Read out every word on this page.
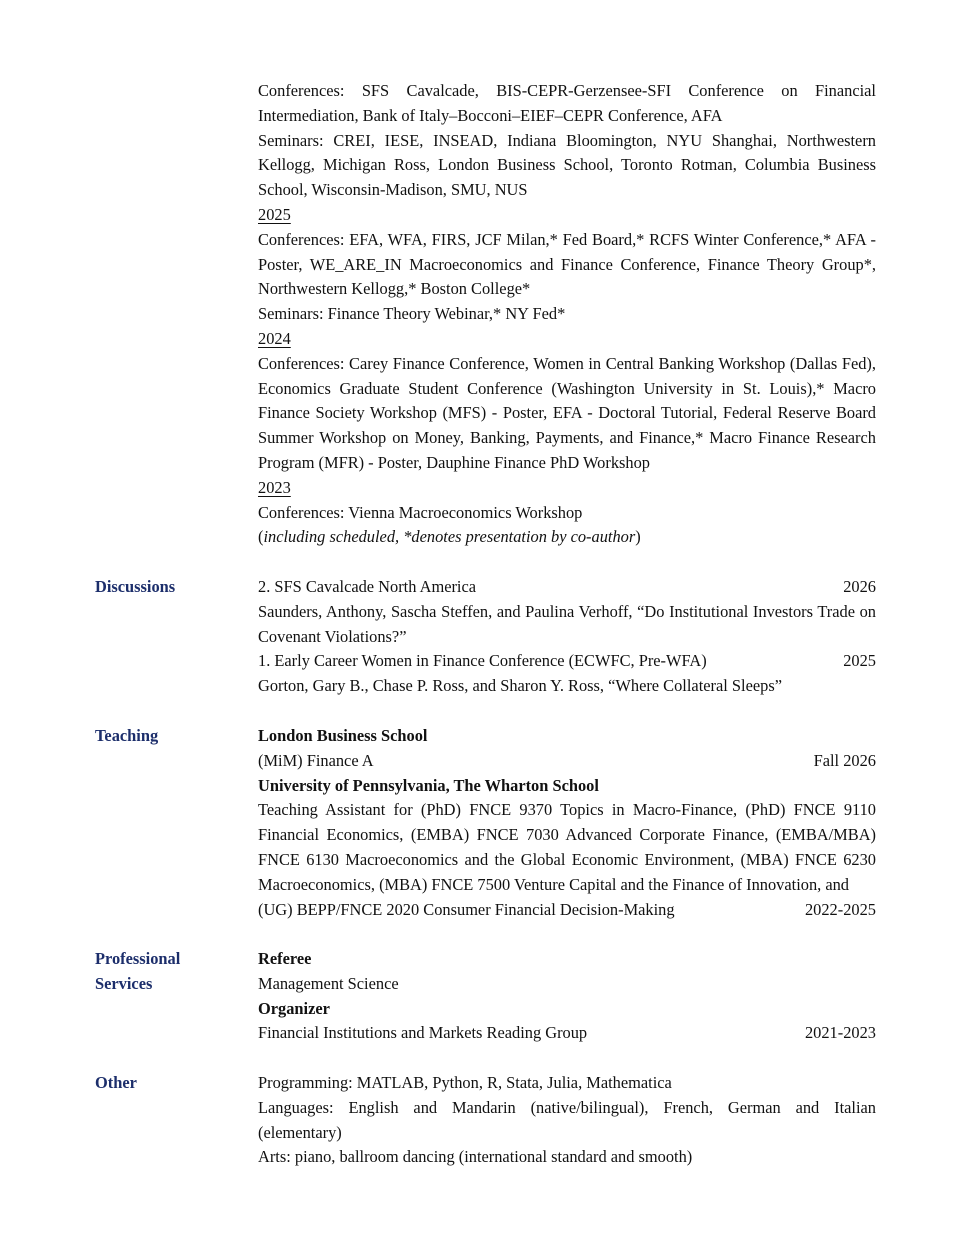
Conferences: SFS Cavalcade, BIS-CEPR-Gerzensee-SFI Conference on Financial Intermediation, Bank of Italy–Bocconi–EIEF–CEPR Conference, AFA
Seminars: CREI, IESE, INSEAD, Indiana Bloomington, NYU Shanghai, Northwestern Kellogg, Michigan Ross, London Business School, Toronto Rotman, Columbia Business School, Wisconsin-Madison, SMU, NUS
2025
Conferences: EFA, WFA, FIRS, JCF Milan,* Fed Board,* RCFS Winter Conference,* AFA - Poster, WE_ARE_IN Macroeconomics and Finance Conference, Finance Theory Group*, Northwestern Kellogg,* Boston College*
Seminars: Finance Theory Webinar,* NY Fed*
2024
Conferences: Carey Finance Conference, Women in Central Banking Workshop (Dallas Fed), Economics Graduate Student Conference (Washington University in St. Louis),* Macro Finance Society Workshop (MFS) - Poster, EFA - Doctoral Tutorial, Federal Reserve Board Summer Workshop on Money, Banking, Payments, and Finance,* Macro Finance Research Program (MFR) - Poster, Dauphine Finance PhD Workshop
2023
Conferences: Vienna Macroeconomics Workshop
(including scheduled, *denotes presentation by co-author)
Discussions	2. SFS Cavalcade North America	2026
Saunders, Anthony, Sascha Steffen, and Paulina Verhoff, “Do Institutional Investors Trade on Covenant Violations?”
1. Early Career Women in Finance Conference (ECWFC, Pre-WFA)	2025
Gorton, Gary B., Chase P. Ross, and Sharon Y. Ross, “Where Collateral Sleeps”
Teaching	London Business School
(MiM) Finance A	Fall 2026
University of Pennsylvania, The Wharton School
Teaching Assistant for (PhD) FNCE 9370 Topics in Macro-Finance, (PhD) FNCE 9110 Financial Economics, (EMBA) FNCE 7030 Advanced Corporate Finance, (EMBA/MBA) FNCE 6130 Macroeconomics and the Global Economic Environment, (MBA) FNCE 6230 Macroeconomics, (MBA) FNCE 7500 Venture Capital and the Finance of Innovation, and
(UG) BEPP/FNCE 2020 Consumer Financial Decision-Making	2022-2025
Professional
Services
Referee
Management Science
Organizer
Financial Institutions and Markets Reading Group	2021-2023
Other	Programming: MATLAB, Python, R, Stata, Julia, Mathematica
Languages: English and Mandarin (native/bilingual), French, German and Italian (elementary)
Arts: piano, ballroom dancing (international standard and smooth)
